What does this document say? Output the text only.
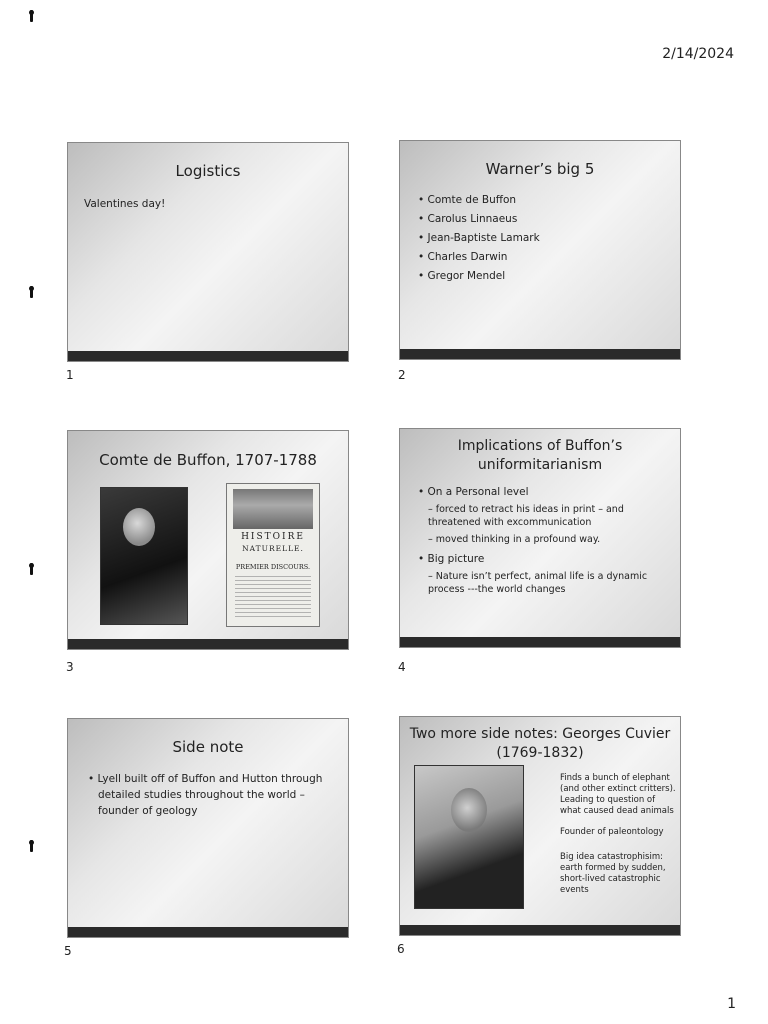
2/14/2024
Logistics
Valentines day!
1
Warner’s big 5
• Comte de Buffon
• Carolus Linnaeus
• Jean-Baptiste Lamark
• Charles Darwin
• Gregor Mendel
2
Comte de Buffon, 1707-1788
HISTOIRE
NATURELLE.
PREMIER DISCOURS.
3
Implications of Buffon’s
uniformitarianism
• On a Personal level
– forced to retract his ideas in print – and threatened with excommunication
– moved thinking in a profound way.
• Big picture
– Nature isn’t perfect, animal life is a dynamic process ---the world changes
4
Side note
• Lyell built off of Buffon and Hutton through detailed studies throughout the world – founder of geology
5
Two more side notes: Georges Cuvier
(1769-1832)

Finds a bunch of elephant (and other extinct critters). Leading to question of what caused dead animals

Founder of paleontology

Big idea catastrophisim: earth formed by sudden, short-lived catastrophic events

6
1
